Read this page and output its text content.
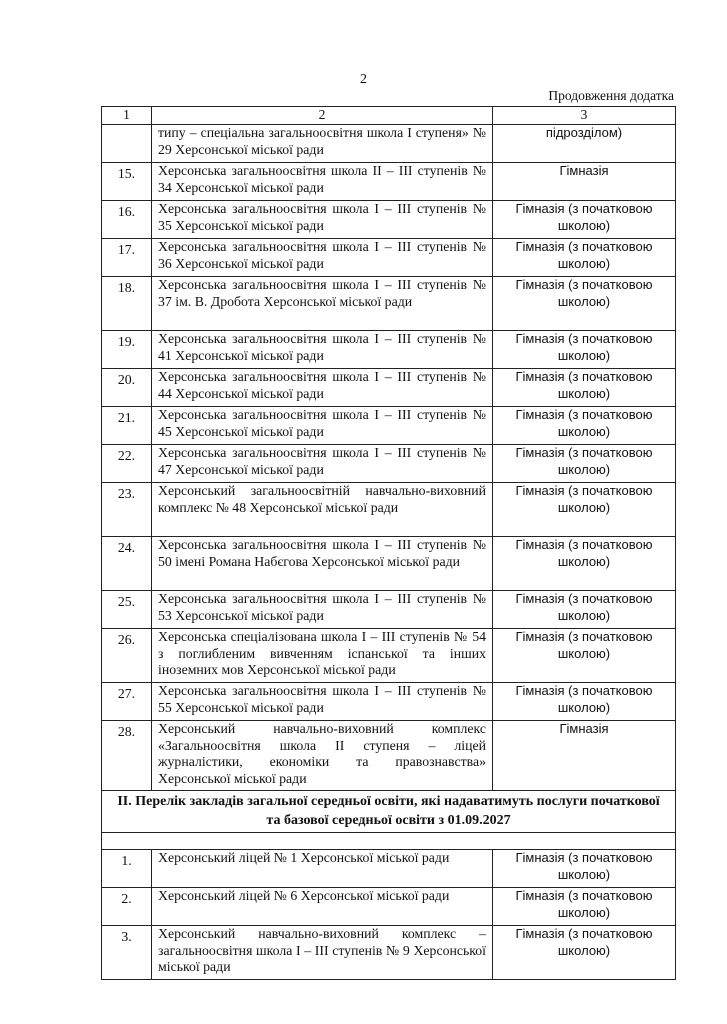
2
Продовження додатка
1	2	3
	типу – спеціальна загальноосвітня школа І ступеня» № 29 Херсонської міської ради	підрозділом)
15.	Херсонська загальноосвітня школа ІІ – ІІІ ступенів № 34 Херсонської міської ради	Гімназія
16.	Херсонська загальноосвітня школа І – ІІІ ступенів № 35 Херсонської міської ради	Гімназія (з початковою школою)
17.	Херсонська загальноосвітня школа І – ІІІ ступенів № 36 Херсонської міської ради	Гімназія (з початковою школою)
18.	Херсонська загальноосвітня школа І – ІІІ ступенів № 37 ім. В. Дробота Херсонської міської ради	Гімназія (з початковою школою)
19.	Херсонська загальноосвітня школа І – ІІІ ступенів № 41 Херсонської міської ради	Гімназія (з початковою школою)
20.	Херсонська загальноосвітня школа І – ІІІ ступенів № 44 Херсонської міської ради	Гімназія (з початковою школою)
21.	Херсонська загальноосвітня школа І – ІІІ ступенів № 45 Херсонської міської ради	Гімназія (з початковою школою)
22.	Херсонська загальноосвітня школа І – ІІІ ступенів № 47 Херсонської міської ради	Гімназія (з початковою школою)
23.	Херсонський загальноосвітній навчально-виховний комплекс № 48 Херсонської міської ради	Гімназія (з початковою школою)
24.	Херсонська загальноосвітня школа І – ІІІ ступенів № 50 імені Романа Набєгова Херсонської міської ради	Гімназія (з початковою школою)
25.	Херсонська загальноосвітня школа І – ІІІ ступенів № 53 Херсонської міської ради	Гімназія (з початковою школою)
26.	Херсонська спеціалізована школа І – ІІІ ступенів № 54 з поглибленим вивченням іспанської та інших іноземних мов Херсонської міської ради	Гімназія (з початковою школою)
27.	Херсонська загальноосвітня школа І – ІІІ ступенів № 55 Херсонської міської ради	Гімназія (з початковою школою)
28.	Херсонський навчально-виховний комплекс «Загальноосвітня школа ІІ ступеня – ліцей журналістики, економіки та правознавства» Херсонської міської ради	Гімназія
ІІ. Перелік закладів загальної середньої освіти, які надаватимуть послуги початкової та базової середньої освіти з 01.09.2027		

1.	Херсонський ліцей № 1 Херсонської міської ради	Гімназія (з початковою школою)
2.	Херсонський ліцей № 6 Херсонської міської ради	Гімназія (з початковою школою)
3.	Херсонський навчально-виховний комплекс – загальноосвітня школа І – ІІІ ступенів № 9 Херсонської міської ради	Гімназія (з початковою школою)
